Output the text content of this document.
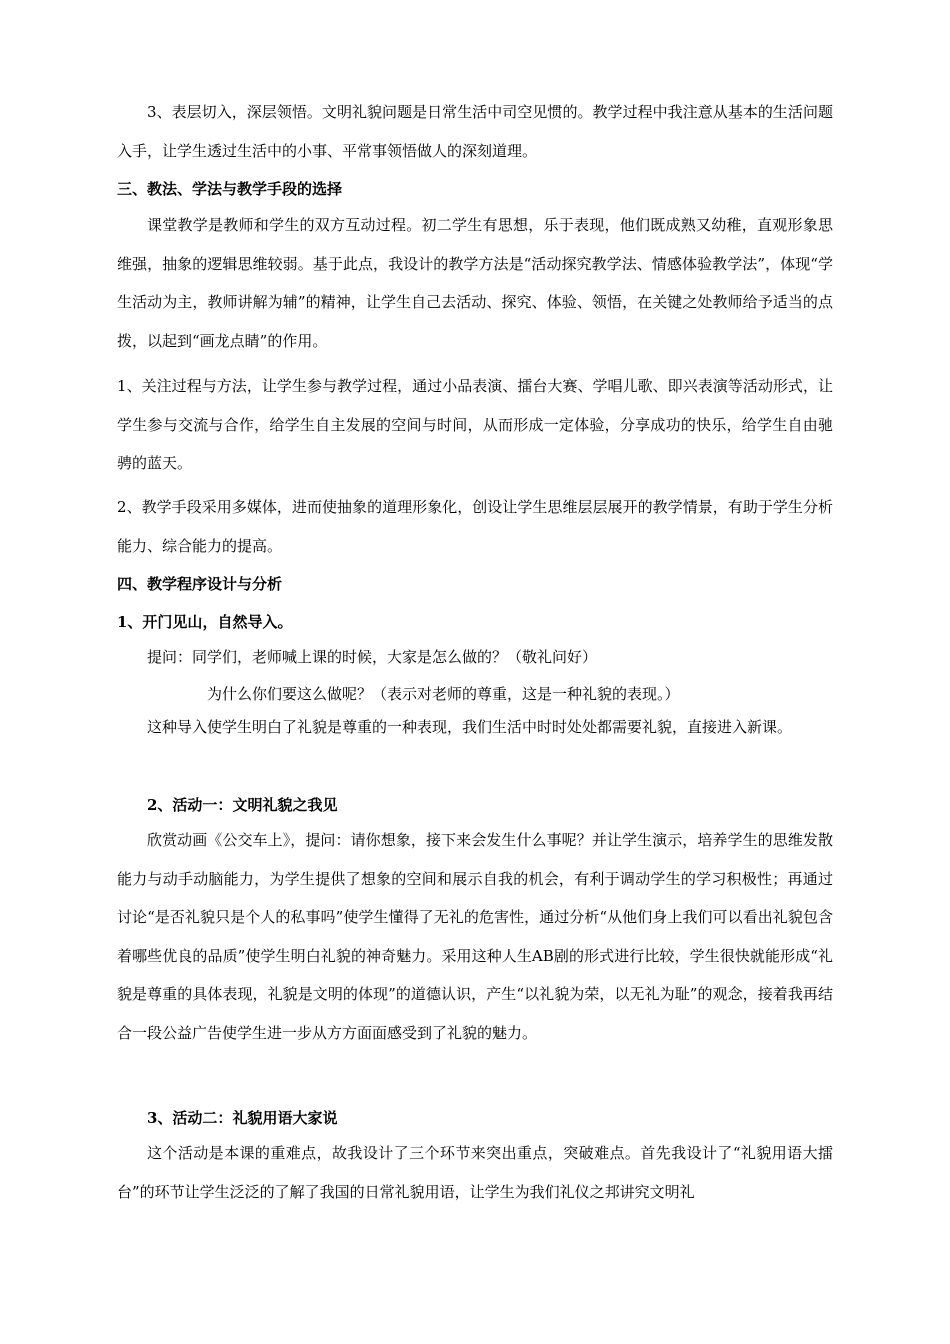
3、表层切入，深层领悟。文明礼貌问题是日常生活中司空见惯的。教学过程中我注意从基本的生活问题入手，让学生透过生活中的小事、平常事领悟做人的深刻道理。

三、教法、学法与教学手段的选择

课堂教学是教师和学生的双方互动过程。初二学生有思想，乐于表现，他们既成熟又幼稚，直观形象思维强，抽象的逻辑思维较弱。基于此点，我设计的教学方法是“活动探究教学法、情感体验教学法”，体现“学生活动为主，教师讲解为辅”的精神，让学生自己去活动、探究、体验、领悟，在关键之处教师给予适当的点拨，以起到“画龙点睛”的作用。

1、关注过程与方法，让学生参与教学过程，通过小品表演、擂台大赛、学唱儿歌、即兴表演等活动形式，让学生参与交流与合作，给学生自主发展的空间与时间，从而形成一定体验，分享成功的快乐，给学生自由驰骋的蓝天。

2、教学手段采用多媒体，进而使抽象的道理形象化，创设让学生思维层层展开的教学情景，有助于学生分析能力、综合能力的提高。

四、教学程序设计与分析

1、开门见山，自然导入。

提问：同学们，老师喊上课的时候，大家是怎么做的？（敬礼问好）

为什么你们要这么做呢？（表示对老师的尊重，这是一种礼貌的表现。）

这种导入使学生明白了礼貌是尊重的一种表现，我们生活中时时处处都需要礼貌，直接进入新课。

2、活动一：文明礼貌之我见

欣赏动画《公交车上》，提问：请你想象，接下来会发生什么事呢？并让学生演示，培养学生的思维发散能力与动手动脑能力，为学生提供了想象的空间和展示自我的机会，有利于调动学生的学习积极性；再通过讨论“是否礼貌只是个人的私事吗”使学生懂得了无礼的危害性，通过分析“从他们身上我们可以看出礼貌包含着哪些优良的品质”使学生明白礼貌的神奇魅力。采用这种人生AB剧的形式进行比较，学生很快就能形成“礼貌是尊重的具体表现，礼貌是文明的体现”的道德认识，产生“以礼貌为荣，以无礼为耻”的观念，接着我再结合一段公益广告使学生进一步从方方面面感受到了礼貌的魅力。

3、活动二：礼貌用语大家说

这个活动是本课的重难点，故我设计了三个环节来突出重点，突破难点。首先我设计了“礼貌用语大擂台”的环节让学生泛泛的了解了我国的日常礼貌用语，让学生为我们礼仪之邦讲究文明礼
